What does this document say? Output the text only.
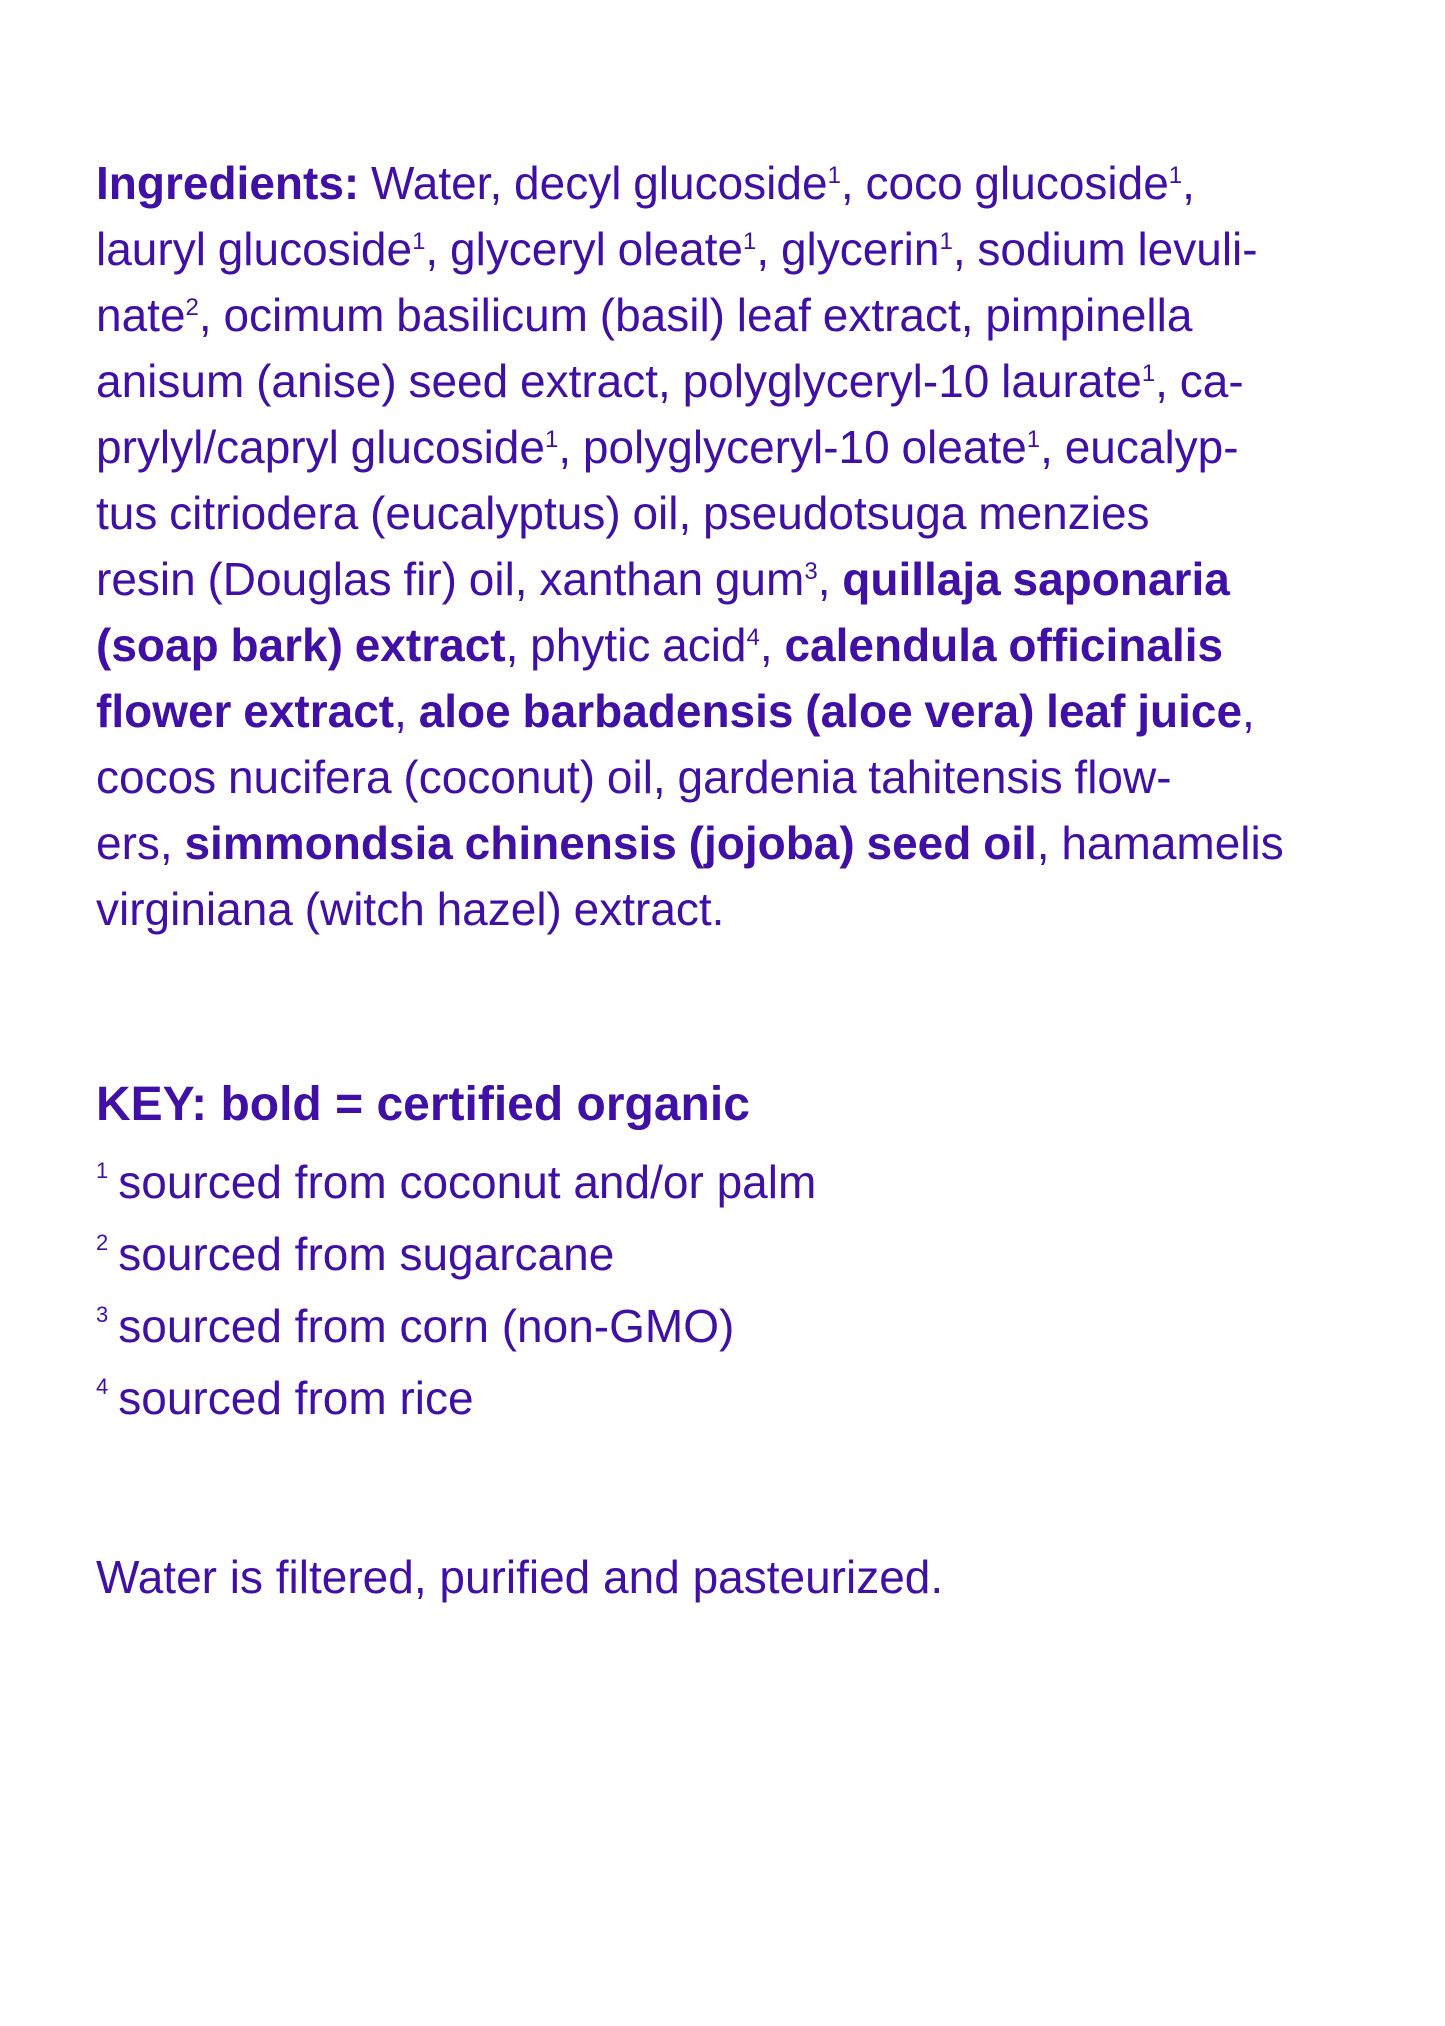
Ingredients: Water, decyl glucoside$^1$, coco glucoside$^1$,
lauryl glucoside$^1$, glyceryl oleate$^1$, glycerin$^1$, sodium levuli-
nate$^2$, ocimum basilicum (basil) leaf extract, pimpinella
anisum (anise) seed extract, polyglyceryl-10 laurate$^1$, ca-
prylyl/capryl glucoside$^1$, polyglyceryl-10 oleate$^1$, eucalyp-
tus citriodera (eucalyptus) oil, pseudotsuga menzies
resin (Douglas fir) oil, xanthan gum$^3$, quillaja saponaria
(soap bark) extract, phytic acid$^4$, calendula officinalis
flower extract, aloe barbadensis (aloe vera) leaf juice,
cocos nucifera (coconut) oil, gardenia tahitensis flow-
ers, simmondsia chinensis (jojoba) seed oil, hamamelis
virginiana (witch hazel) extract.

KEY: bold = certified organic
$^1$ sourced from coconut and/or palm
$^2$ sourced from sugarcane
$^3$ sourced from corn (non-GMO)
$^4$ sourced from rice
Water is filtered, purified and pasteurized.
